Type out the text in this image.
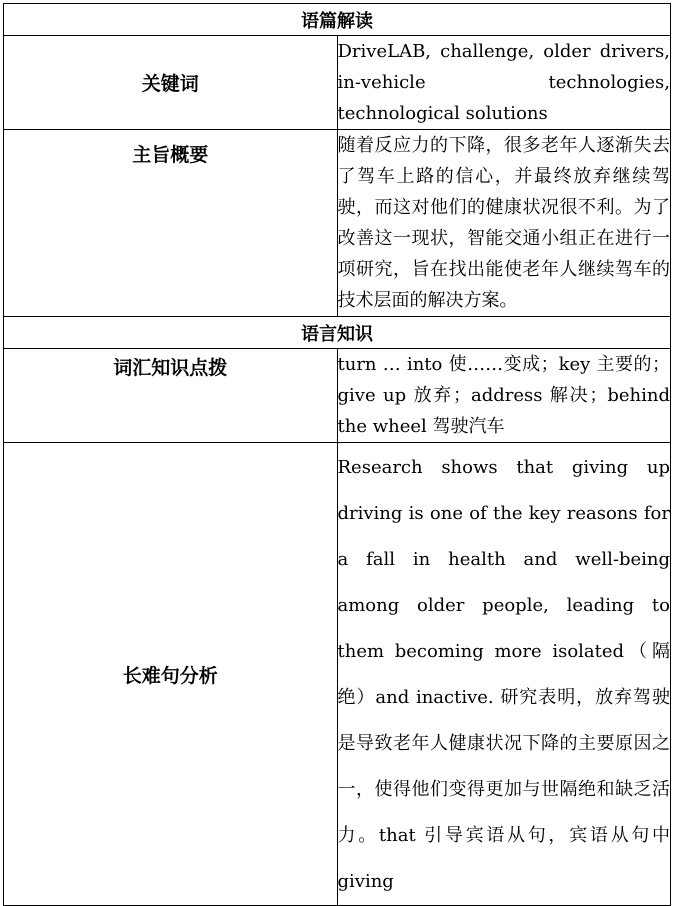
语篇解读	
关键词	DriveLAB, challenge, older drivers, in-vehicle technologies, technological solutions
主旨概要	随着反应力的下降，很多老年人逐渐失去了驾车上路的信心，并最终放弃继续驾驶，而这对他们的健康状况很不利。为了改善这一现状，智能交通小组正在进行一项研究，旨在找出能使老年人继续驾车的技术层面的解决方案。
语言知识	
词汇知识点拨	turn … into 使……变成；key 主要的；give up 放弃；address 解决；behind the wheel 驾驶汽车
长难句分析	Research shows that giving up driving is one of the key reasons for a fall in health and well-being among older people, leading to them becoming more isolated（隔绝）and inactive. 研究表明，放弃驾驶是导致老年人健康状况下降的主要原因之一，使得他们变得更加与世隔绝和缺乏活力。that 引导宾语从句，宾语从句中 giving
